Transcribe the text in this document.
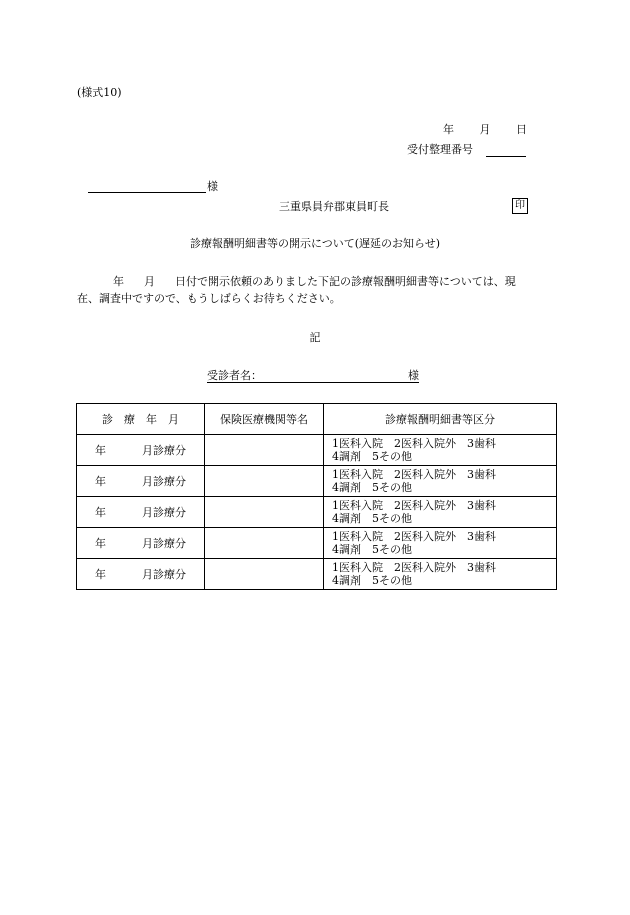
(様式10)
年 月 日
受付整理番号
様
三重県員弁郡東員町長	印
診療報酬明細書等の開示について(遅延のお知らせ)
年 月 日付で開示依頼のありました下記の診療報酬明細書等については、現
在、調査中ですので、もうしばらくお待ちください。
記
受診者名：	様
診　療　年　月	保険医療機関等名	診療報酬明細書等区分
年 月診療分		1医科入院　2医科入院外　3歯科
4調剤　5その他

年 月診療分		1医科入院　2医科入院外　3歯科
4調剤　5その他

年 月診療分		1医科入院　2医科入院外　3歯科
4調剤　5その他

年 月診療分		1医科入院　2医科入院外　3歯科
4調剤　5その他

年 月診療分		1医科入院　2医科入院外　3歯科
4調剤　5その他
